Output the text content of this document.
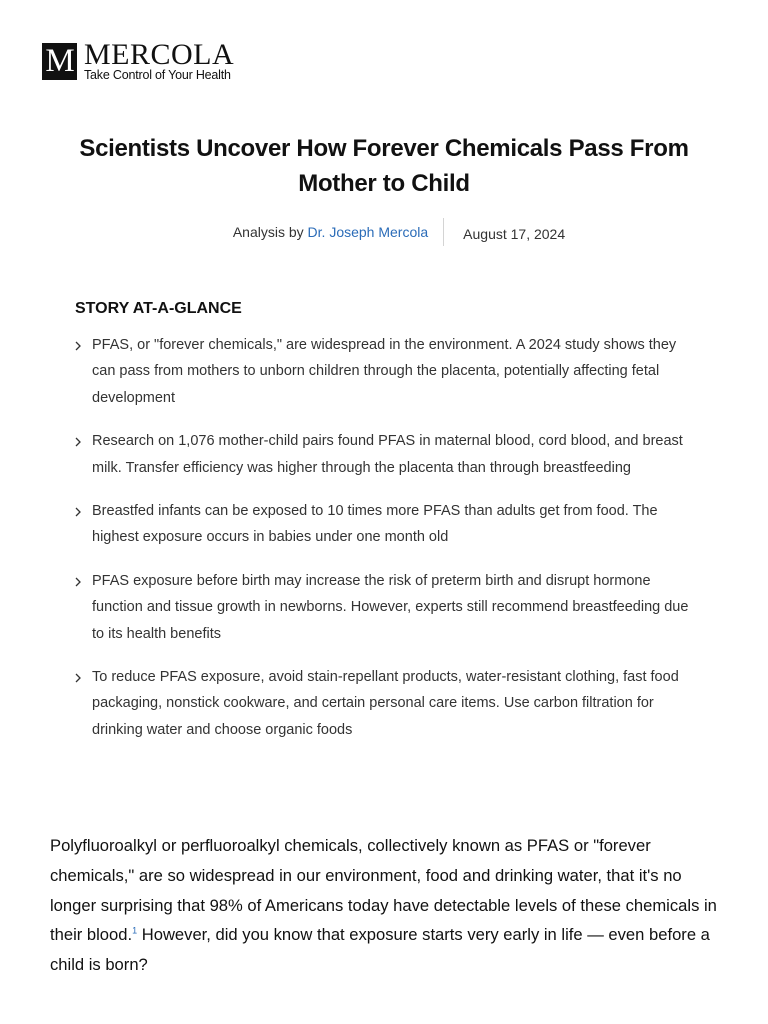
M MERCOLA
Take Control of Your Health
Scientists Uncover How Forever Chemicals Pass From Mother to Child
Analysis by Dr. Joseph Mercola	August 17, 2024
STORY AT-A-GLANCE
PFAS, or "forever chemicals," are widespread in the environment. A 2024 study shows they can pass from mothers to unborn children through the placenta, potentially affecting fetal development
Research on 1,076 mother-child pairs found PFAS in maternal blood, cord blood, and breast milk. Transfer efficiency was higher through the placenta than through breastfeeding
Breastfed infants can be exposed to 10 times more PFAS than adults get from food. The highest exposure occurs in babies under one month old
PFAS exposure before birth may increase the risk of preterm birth and disrupt hormone function and tissue growth in newborns. However, experts still recommend breastfeeding due to its health benefits
To reduce PFAS exposure, avoid stain-repellant products, water-resistant clothing, fast food packaging, nonstick cookware, and certain personal care items. Use carbon filtration for drinking water and choose organic foods

Polyfluoroalkyl or perfluoroalkyl chemicals, collectively known as PFAS or "forever chemicals," are so widespread in our environment, food and drinking water, that it's no longer surprising that 98% of Americans today have detectable levels of these chemicals in their blood.$^1$ However, did you know that exposure starts very early in life — even before a child is born?
